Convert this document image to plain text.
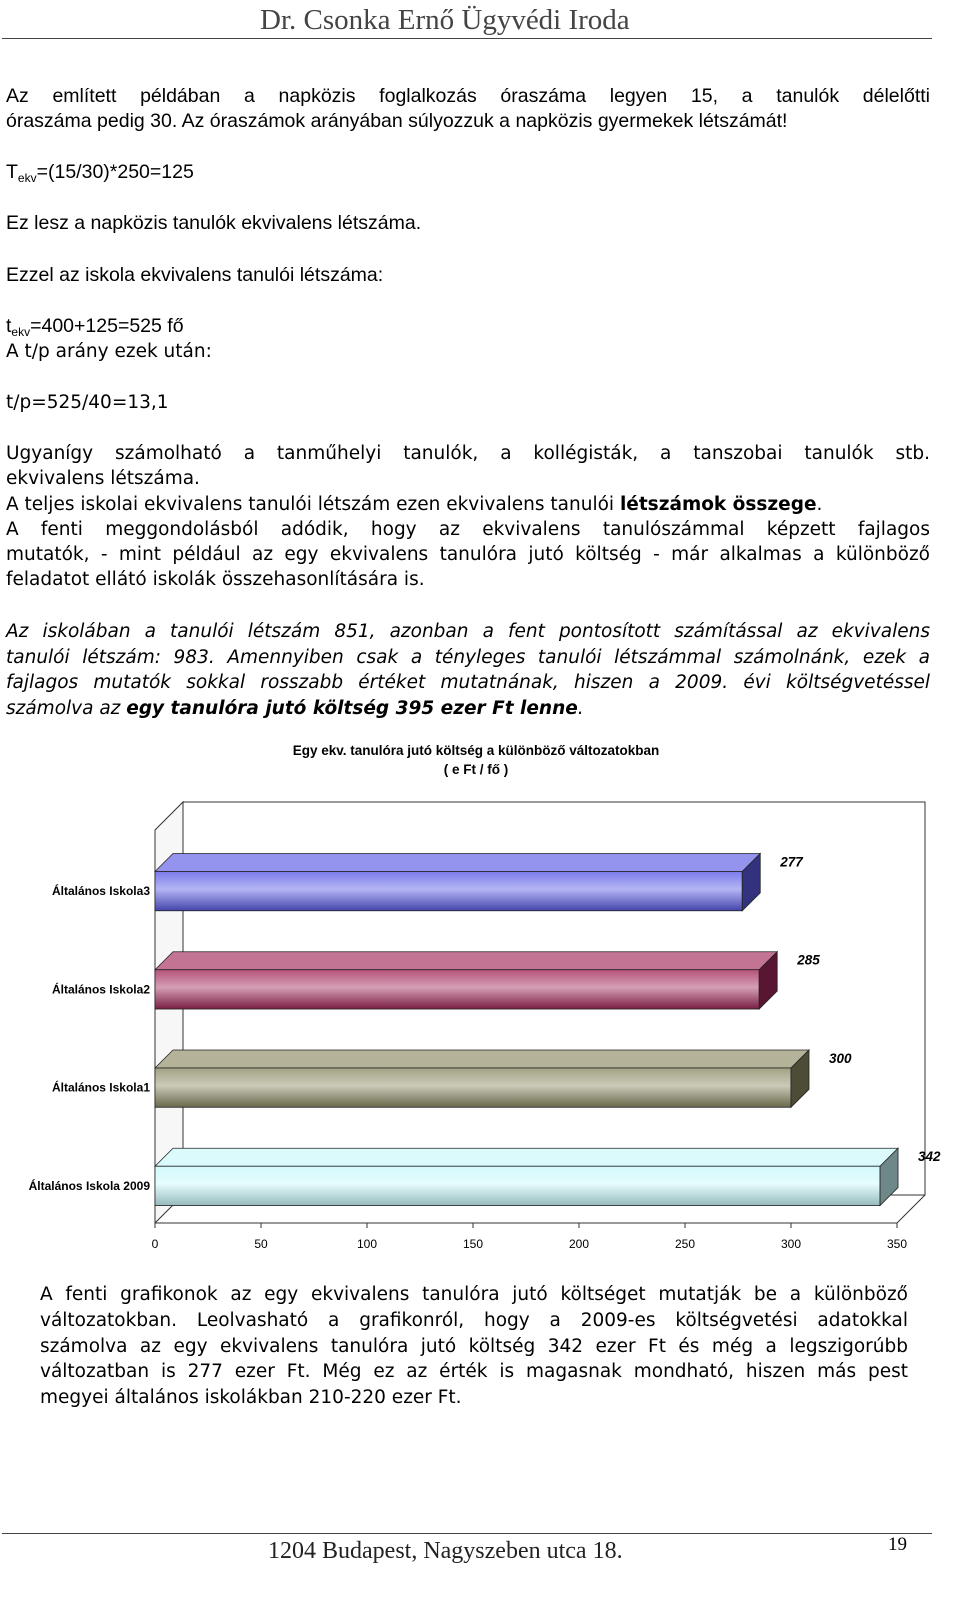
Dr. Csonka Ernő Ügyvédi Iroda
Az említett példában a napközis foglalkozás óraszáma legyen 15, a tanulók délelőtti
óraszáma pedig 30. Az óraszámok arányában súlyozzuk a napközis gyermekek létszámát!
$T_{ekv}=(15/30)*250=125$
Ez lesz a napközis tanulók ekvivalens létszáma.
Ezzel az iskola ekvivalens tanulói létszáma:
$t_{ekv}=400+125=525$ fő
A t/p arány ezek után:
t/p=525/40=13,1
Ugyanígy számolható a tanműhelyi tanulók, a kollégisták, a tanszobai tanulók stb.
ekvivalens létszáma.
A teljes iskolai ekvivalens tanulói létszám ezen ekvivalens tanulói létszámok összege.
A fenti meggondolásból adódik, hogy az ekvivalens tanulószámmal képzett fajlagos
mutatók, - mint például az egy ekvivalens tanulóra jutó költség - már alkalmas a különböző
feladatot ellátó iskolák összehasonlítására is.
Az iskolában a tanulói létszám 851, azonban a fent pontosított számítással az ekvivalens
tanulói létszám: 983. Amennyiben csak a tényleges tanulói létszámmal számolnánk, ezek a
fajlagos mutatók sokkal rosszabb értéket mutatnának, hiszen a 2009. évi költségvetéssel
számolva az egy tanulóra jutó költség 395 ezer Ft lenne.
Egy ekv. tanulóra jutó költség a különböző változatokban
( e Ft / fő )
277
285
300
342
0	50	100	150	200	250	300	350
Általános Iskola3
Általános Iskola2
Általános Iskola1
Általános Iskola 2009
A fenti grafikonok az egy ekvivalens tanulóra jutó költséget mutatják be a különböző
változatokban. Leolvasható a grafikonról, hogy a 2009-es költségvetési adatokkal
számolva az egy ekvivalens tanulóra jutó költség 342 ezer Ft és még a legszigorúbb
változatban is 277 ezer Ft. Még ez az érték is magasnak mondható, hiszen más pest
megyei általános iskolákban 210-220 ezer Ft.
1204 Budapest, Nagyszeben utca 18.	19
